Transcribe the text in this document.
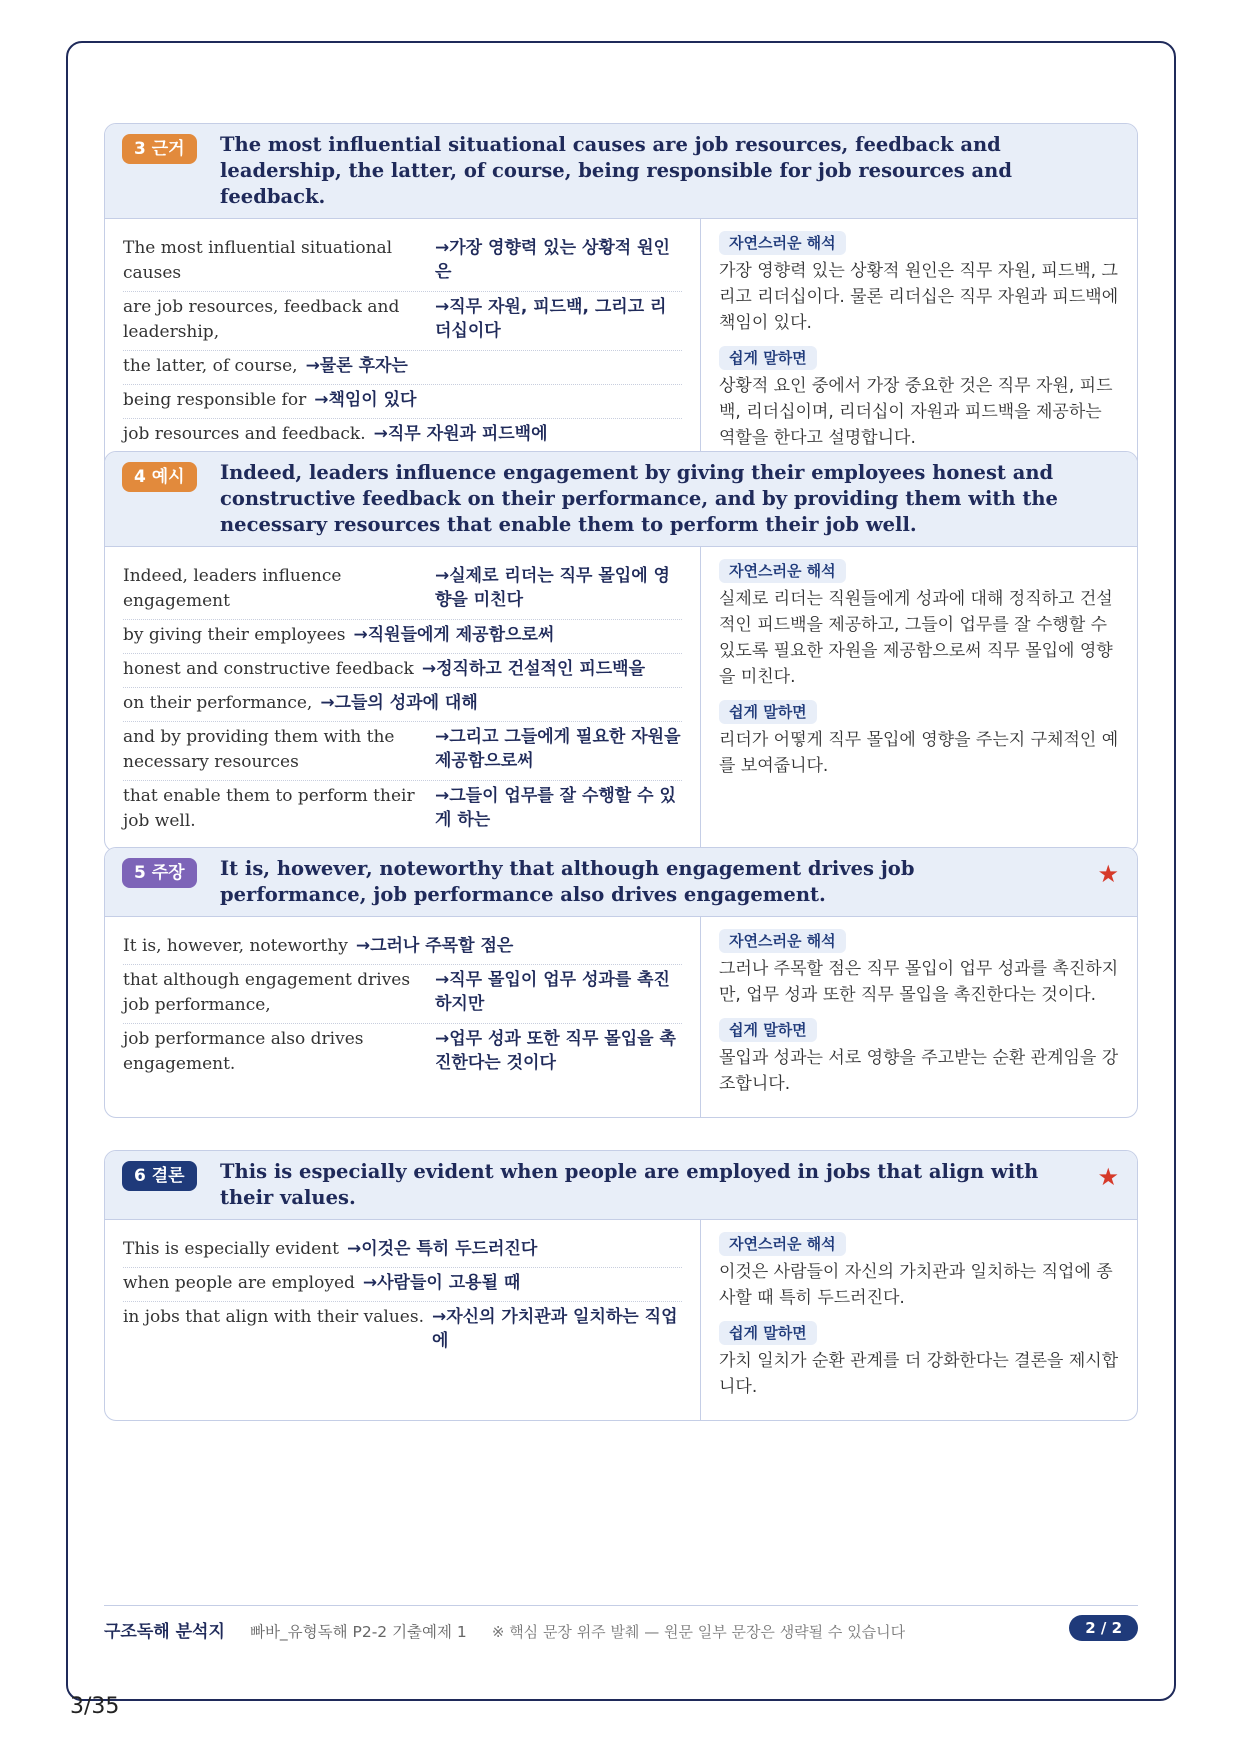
3 근거	The most influential situational causes are job resources, feedback and leadership, the latter, of course, being responsible for job resources and feedback.
The most influential situational causes
→가장 영향력 있는 상황적 원인은
are job resources, feedback and leadership,
→직무 자원, 피드백, 그리고 리더십이다
the latter, of course, →물론 후자는
being responsible for →책임이 있다
job resources and feedback. →직무 자원과 피드백에
자연스러운 해석
가장 영향력 있는 상황적 원인은 직무 자원, 피드백, 그리고 리더십이다. 물론 리더십은 직무 자원과 피드백에 책임이 있다.
쉽게 말하면
상황적 요인 중에서 가장 중요한 것은 직무 자원, 피드백, 리더십이며, 리더십이 자원과 피드백을 제공하는 역할을 한다고 설명합니다.
4 예시	Indeed, leaders influence engagement by giving their employees honest and constructive feedback on their performance, and by providing them with the necessary resources that enable them to perform their job well.
Indeed, leaders influence engagement
→실제로 리더는 직무 몰입에 영향을 미친다
by giving their employees →직원들에게 제공함으로써
honest and constructive feedback →정직하고 건설적인 피드백을
on their performance, →그들의 성과에 대해
and by providing them with the necessary resources
→그리고 그들에게 필요한 자원을 제공함으로써
that enable them to perform their job well.
→그들이 업무를 잘 수행할 수 있게 하는
자연스러운 해석
실제로 리더는 직원들에게 성과에 대해 정직하고 건설적인 피드백을 제공하고, 그들이 업무를 잘 수행할 수 있도록 필요한 자원을 제공함으로써 직무 몰입에 영향을 미친다.
쉽게 말하면
리더가 어떻게 직무 몰입에 영향을 주는지 구체적인 예를 보여줍니다.
5 주장	It is, however, noteworthy that although engagement drives job performance, job performance also drives engagement.
★
It is, however, noteworthy →그러나 주목할 점은
that although engagement drives job performance,
→직무 몰입이 업무 성과를 촉진하지만
job performance also drives engagement.
→업무 성과 또한 직무 몰입을 촉진한다는 것이다
자연스러운 해석
그러나 주목할 점은 직무 몰입이 업무 성과를 촉진하지만, 업무 성과 또한 직무 몰입을 촉진한다는 것이다.
쉽게 말하면
몰입과 성과는 서로 영향을 주고받는 순환 관계임을 강조합니다.
6 결론	This is especially evident when people are employed in jobs that align with their values.
★
This is especially evident →이것은 특히 두드러진다
when people are employed →사람들이 고용될 때
in jobs that align with their values. →자신의 가치관과 일치하는 직업에
자연스러운 해석
이것은 사람들이 자신의 가치관과 일치하는 직업에 종사할 때 특히 두드러진다.
쉽게 말하면
가치 일치가 순환 관계를 더 강화한다는 결론을 제시합니다.
구조독해 분석지 빠바_유형독해 P2-2 기출예제 1 ※ 핵심 문장 위주 발췌 — 원문 일부 문장은 생략될 수 있습니다	2 / 2
3/35
